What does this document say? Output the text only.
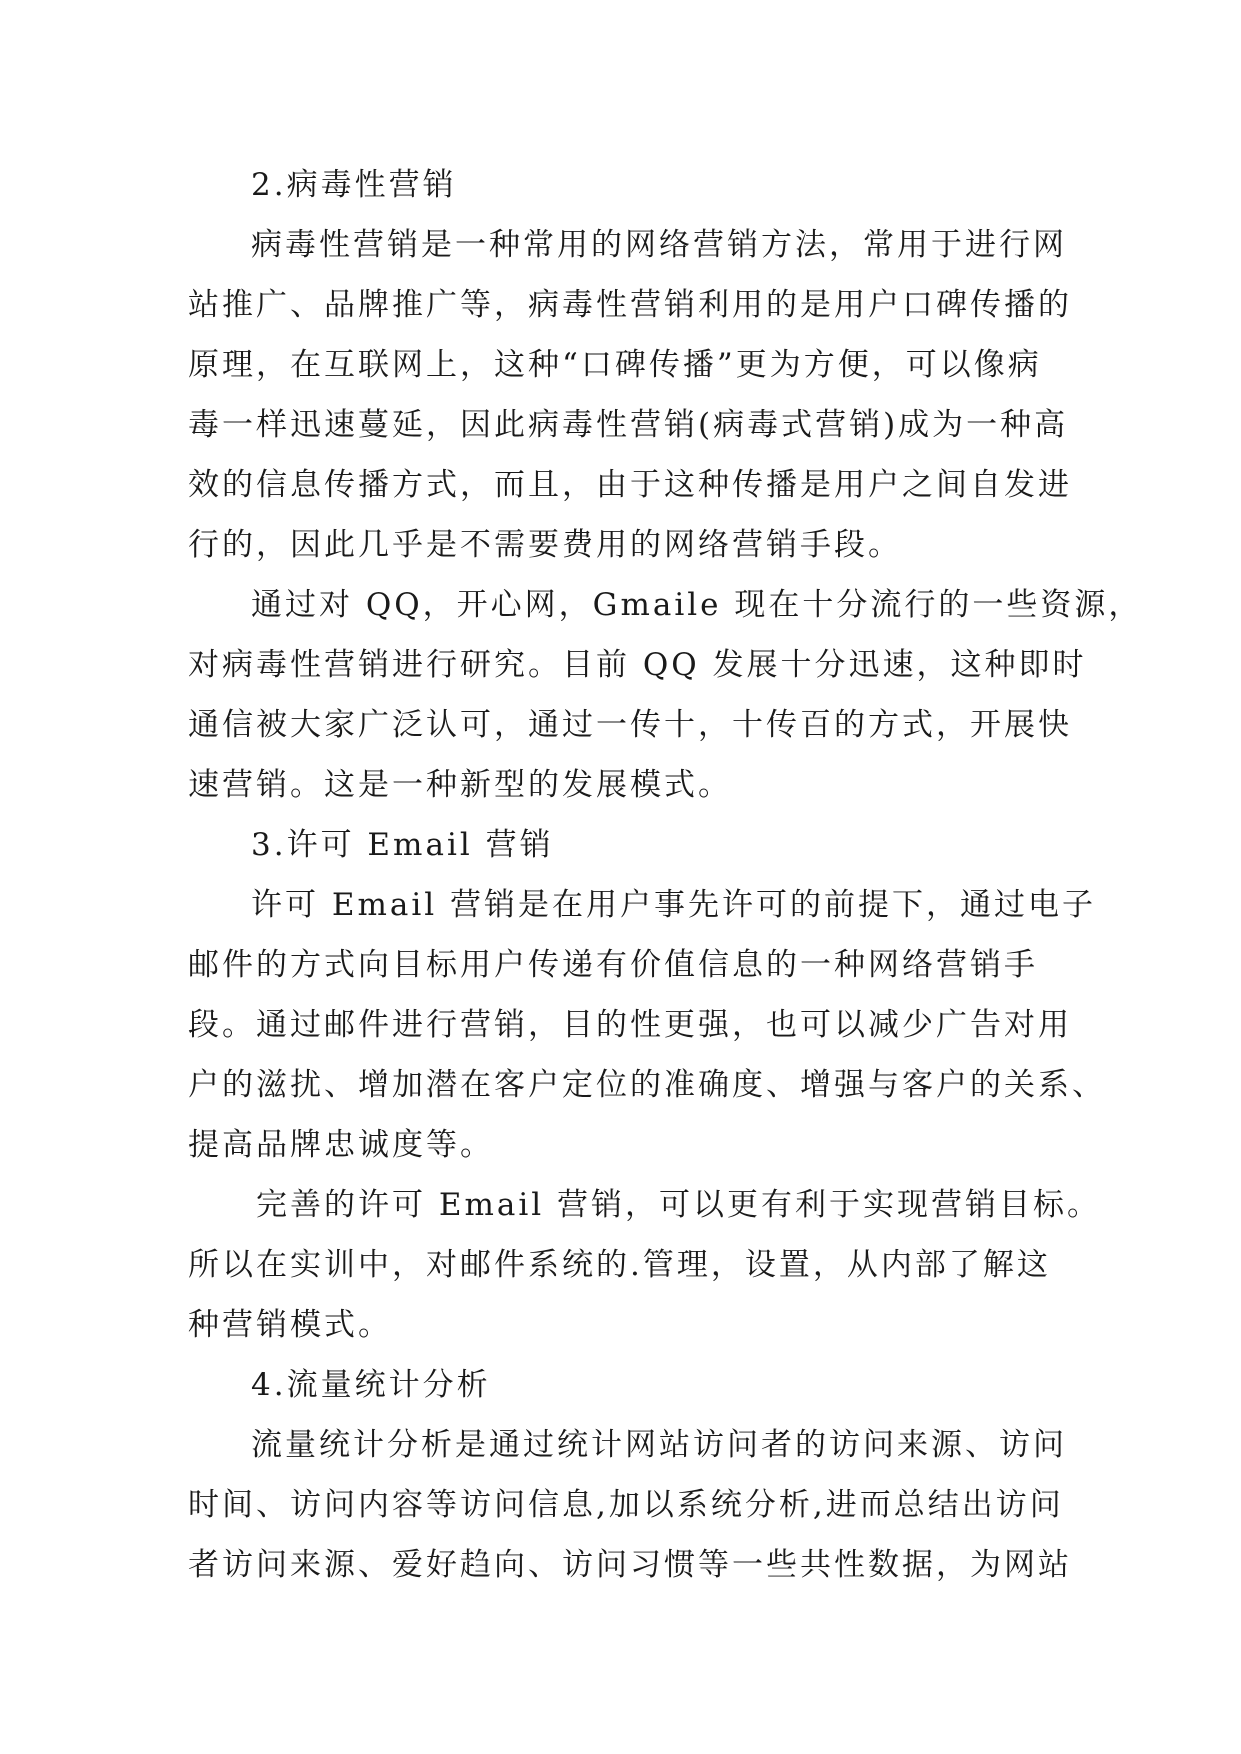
2.病毒性营销
病毒性营销是一种常用的网络营销方法，常用于进行网
站推广、品牌推广等，病毒性营销利用的是用户口碑传播的
原理，在互联网上，这种“口碑传播”更为方便，可以像病
毒一样迅速蔓延，因此病毒性营销(病毒式营销)成为一种高
效的信息传播方式，而且，由于这种传播是用户之间自发进
行的，因此几乎是不需要费用的网络营销手段。
通过对 QQ，开心网，Gmaile 现在十分流行的一些资源，
对病毒性营销进行研究。目前 QQ 发展十分迅速，这种即时
通信被大家广泛认可，通过一传十，十传百的方式，开展快
速营销。这是一种新型的发展模式。
3.许可 Email 营销
许可 Email 营销是在用户事先许可的前提下，通过电子
邮件的方式向目标用户传递有价值信息的一种网络营销手
段。通过邮件进行营销，目的性更强，也可以减少广告对用
户的滋扰、增加潜在客户定位的准确度、增强与客户的关系、
提高品牌忠诚度等。
完善的许可 Email 营销，可以更有利于实现营销目标。
所以在实训中，对邮件系统的.管理，设置，从内部了解这
种营销模式。
4.流量统计分析
流量统计分析是通过统计网站访问者的访问来源、访问
时间、访问内容等访问信息,加以系统分析,进而总结出访问
者访问来源、爱好趋向、访问习惯等一些共性数据，为网站
